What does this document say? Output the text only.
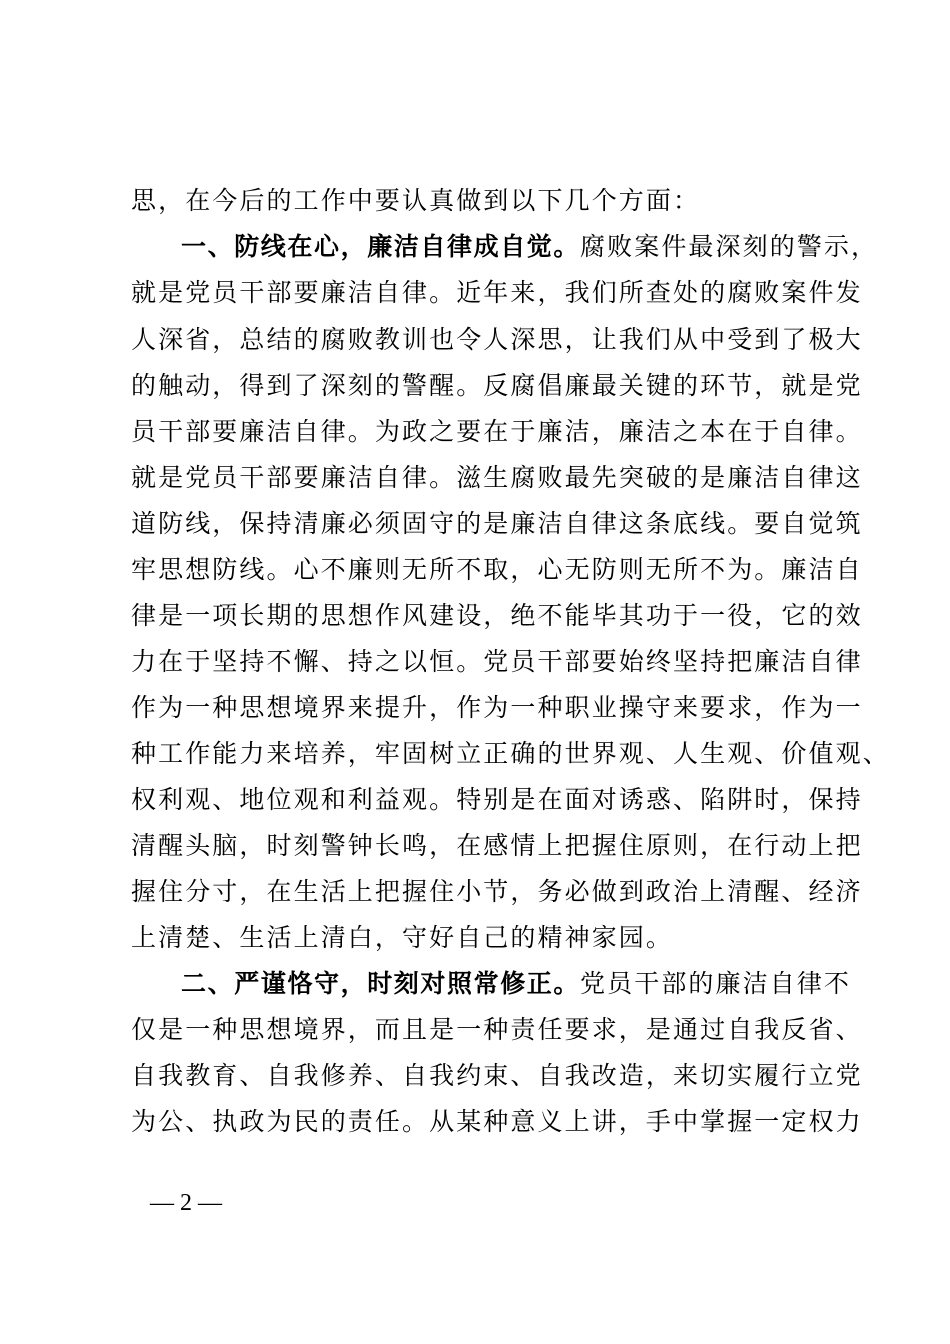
思，在今后的工作中要认真做到以下几个方面：
一、防线在心，廉洁自律成自觉。腐败案件最深刻的警示，
就是党员干部要廉洁自律。近年来，我们所查处的腐败案件发
人深省，总结的腐败教训也令人深思，让我们从中受到了极大
的触动，得到了深刻的警醒。反腐倡廉最关键的环节，就是党
员干部要廉洁自律。为政之要在于廉洁，廉洁之本在于自律。
就是党员干部要廉洁自律。滋生腐败最先突破的是廉洁自律这
道防线，保持清廉必须固守的是廉洁自律这条底线。要自觉筑
牢思想防线。心不廉则无所不取，心无防则无所不为。廉洁自
律是一项长期的思想作风建设，绝不能毕其功于一役，它的效
力在于坚持不懈、持之以恒。党员干部要始终坚持把廉洁自律
作为一种思想境界来提升，作为一种职业操守来要求，作为一
种工作能力来培养，牢固树立正确的世界观、人生观、价值观、
权利观、地位观和利益观。特别是在面对诱惑、陷阱时，保持
清醒头脑，时刻警钟长鸣，在感情上把握住原则，在行动上把
握住分寸，在生活上把握住小节，务必做到政治上清醒、经济
上清楚、生活上清白，守好自己的精神家园。
二、严谨恪守，时刻对照常修正。党员干部的廉洁自律不
仅是一种思想境界，而且是一种责任要求，是通过自我反省、
自我教育、自我修养、自我约束、自我改造，来切实履行立党
为公、执政为民的责任。从某种意义上讲，手中掌握一定权力
— 2 —
